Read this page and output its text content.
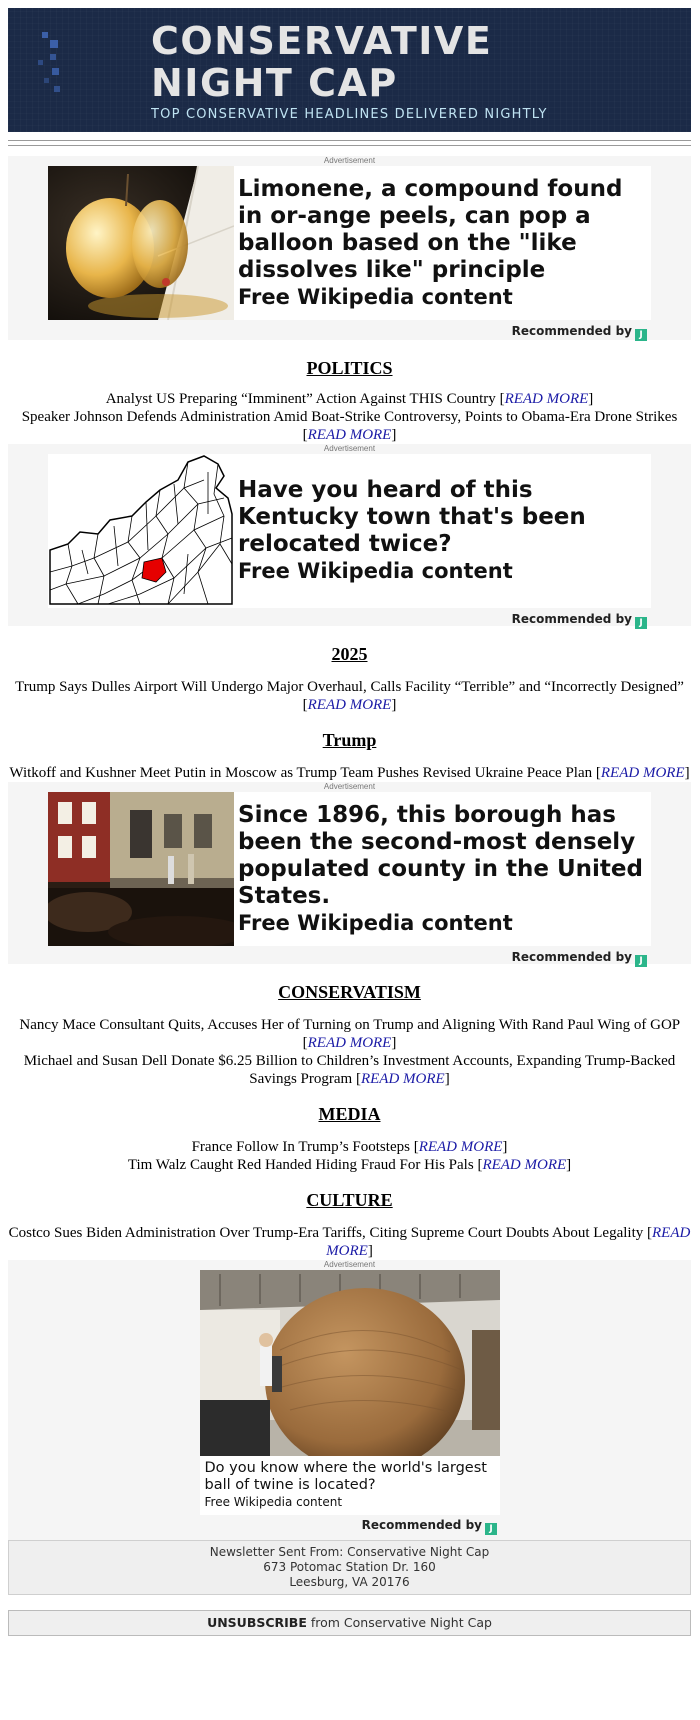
CONSERVATIVE
NIGHT CAP
TOP CONSERVATIVE HEADLINES DELIVERED NIGHTLY
Advertisement
Limonene, a compound found in or-ange peels, can pop a balloon based on the "like dissolves like" principle
Free Wikipedia content
Recommended by J
POLITICS
Analyst US Preparing “Imminent” Action Against THIS Country [READ MORE]
Speaker Johnson Defends Administration Amid Boat-Strike Controversy, Points to Obama-Era Drone Strikes [READ MORE]
Advertisement
Have you heard of this Kentucky town that's been relocated twice?
Free Wikipedia content
Recommended by J
2025
Trump Says Dulles Airport Will Undergo Major Overhaul, Calls Facility “Terrible” and “Incorrectly Designed” [READ MORE]
Trump
Witkoff and Kushner Meet Putin in Moscow as Trump Team Pushes Revised Ukraine Peace Plan [READ MORE]
Advertisement
Since 1896, this borough has been the second-most densely populated county in the United States.
Free Wikipedia content
Recommended by J
CONSERVATISM
Nancy Mace Consultant Quits, Accuses Her of Turning on Trump and Aligning With Rand Paul Wing of GOP [READ MORE]
Michael and Susan Dell Donate $6.25 Billion to Children’s Investment Accounts, Expanding Trump-Backed Savings Program [READ MORE]
MEDIA
France Follow In Trump’s Footsteps [READ MORE]
Tim Walz Caught Red Handed Hiding Fraud For His Pals [READ MORE]
CULTURE
Costco Sues Biden Administration Over Trump-Era Tariffs, Citing Supreme Court Doubts About Legality [READ MORE]
Advertisement
Do you know where the world's largest ball of twine is located?
Free Wikipedia content
Recommended by J
Newsletter Sent From: Conservative Night Cap
673 Potomac Station Dr. 160
Leesburg, VA 20176
UNSUBSCRIBE from Conservative Night Cap
